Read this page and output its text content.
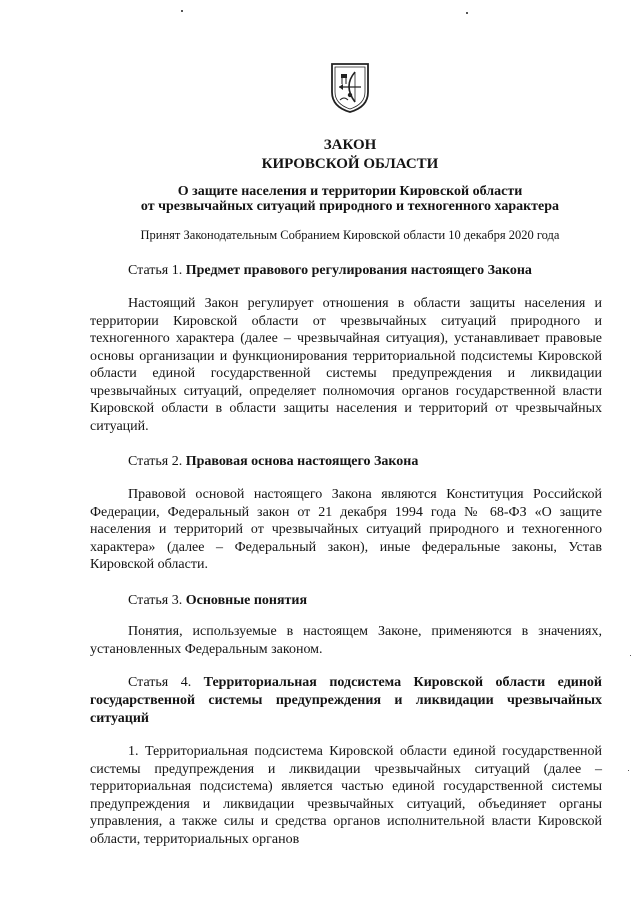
ЗАКОН
КИРОВСКОЙ ОБЛАСТИ
О защите населения и территории Кировской области
от чрезвычайных ситуаций природного и техногенного характера
Принят Законодательным Собранием Кировской области 10 декабря 2020 года
Статья 1. Предмет правового регулирования настоящего Закона

Настоящий Закон регулирует отношения в области защиты населения и территории Кировской области от чрезвычайных ситуаций природного и техногенного характера (далее – чрезвычайная ситуация), устанавливает правовые основы организации и функционирования территориальной подсистемы Кировской области единой государственной системы предупреждения и ликвидации чрезвычайных ситуаций, определяет полномочия органов государственной власти Кировской области в области защиты населения и территорий от чрезвычайных ситуаций.

Статья 2. Правовая основа настоящего Закона

Правовой основой настоящего Закона являются Конституция Российской Федерации, Федеральный закон от 21 декабря 1994 года № 68-ФЗ «О защите населения и территорий от чрезвычайных ситуаций природного и техногенного характера» (далее – Федеральный закон), иные федеральные законы, Устав Кировской области.

Статья 3. Основные понятия

Понятия, используемые в настоящем Законе, применяются в значениях, установленных Федеральным законом.

Статья 4. Территориальная подсистема Кировской области единой государственной системы предупреждения и ликвидации чрезвычайных ситуаций

1. Территориальная подсистема Кировской области единой государственной системы предупреждения и ликвидации чрезвычайных ситуаций (далее – территориальная подсистема) является частью единой государственной системы предупреждения и ликвидации чрезвычайных ситуаций, объединяет органы управления, а также силы и средства органов исполнительной власти Кировской области, территориальных органов
